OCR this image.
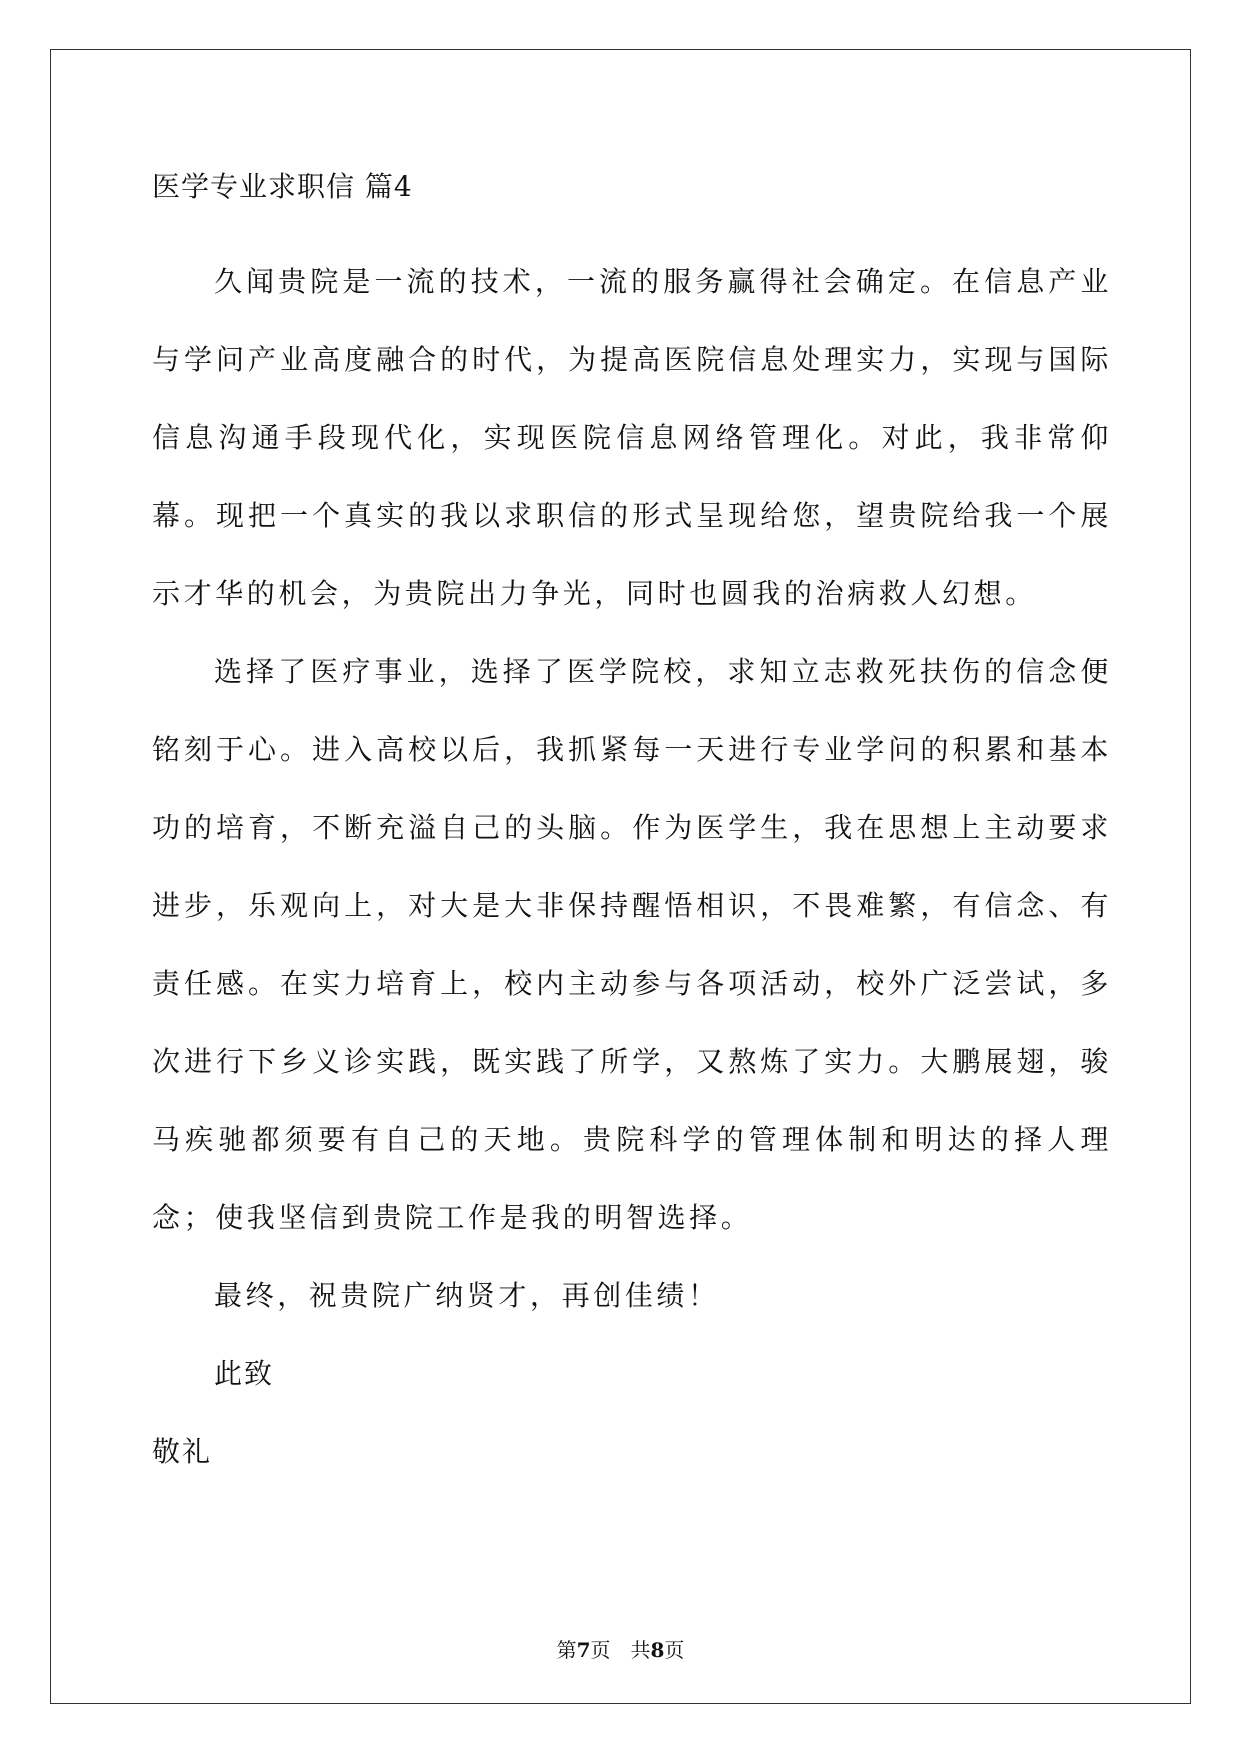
医学专业求职信 篇4

久闻贵院是一流的技术，一流的服务赢得社会确定。在信息产业与学问产业高度融合的时代，为提高医院信息处理实力，实现与国际信息沟通手段现代化，实现医院信息网络管理化。对此，我非常仰幕。现把一个真实的我以求职信的形式呈现给您，望贵院给我一个展示才华的机会，为贵院出力争光，同时也圆我的治病救人幻想。

选择了医疗事业，选择了医学院校，求知立志救死扶伤的信念便铭刻于心。进入高校以后，我抓紧每一天进行专业学问的积累和基本功的培育，不断充溢自己的头脑。作为医学生，我在思想上主动要求进步，乐观向上，对大是大非保持醒悟相识，不畏难繁，有信念、有责任感。在实力培育上，校内主动参与各项活动，校外广泛尝试，多次进行下乡义诊实践，既实践了所学，又熬炼了实力。大鹏展翅，骏马疾驰都须要有自己的天地。贵院科学的管理体制和明达的择人理念；使我坚信到贵院工作是我的明智选择。

最终，祝贵院广纳贤才，再创佳绩！

此致
敬礼
第7页 共8页
